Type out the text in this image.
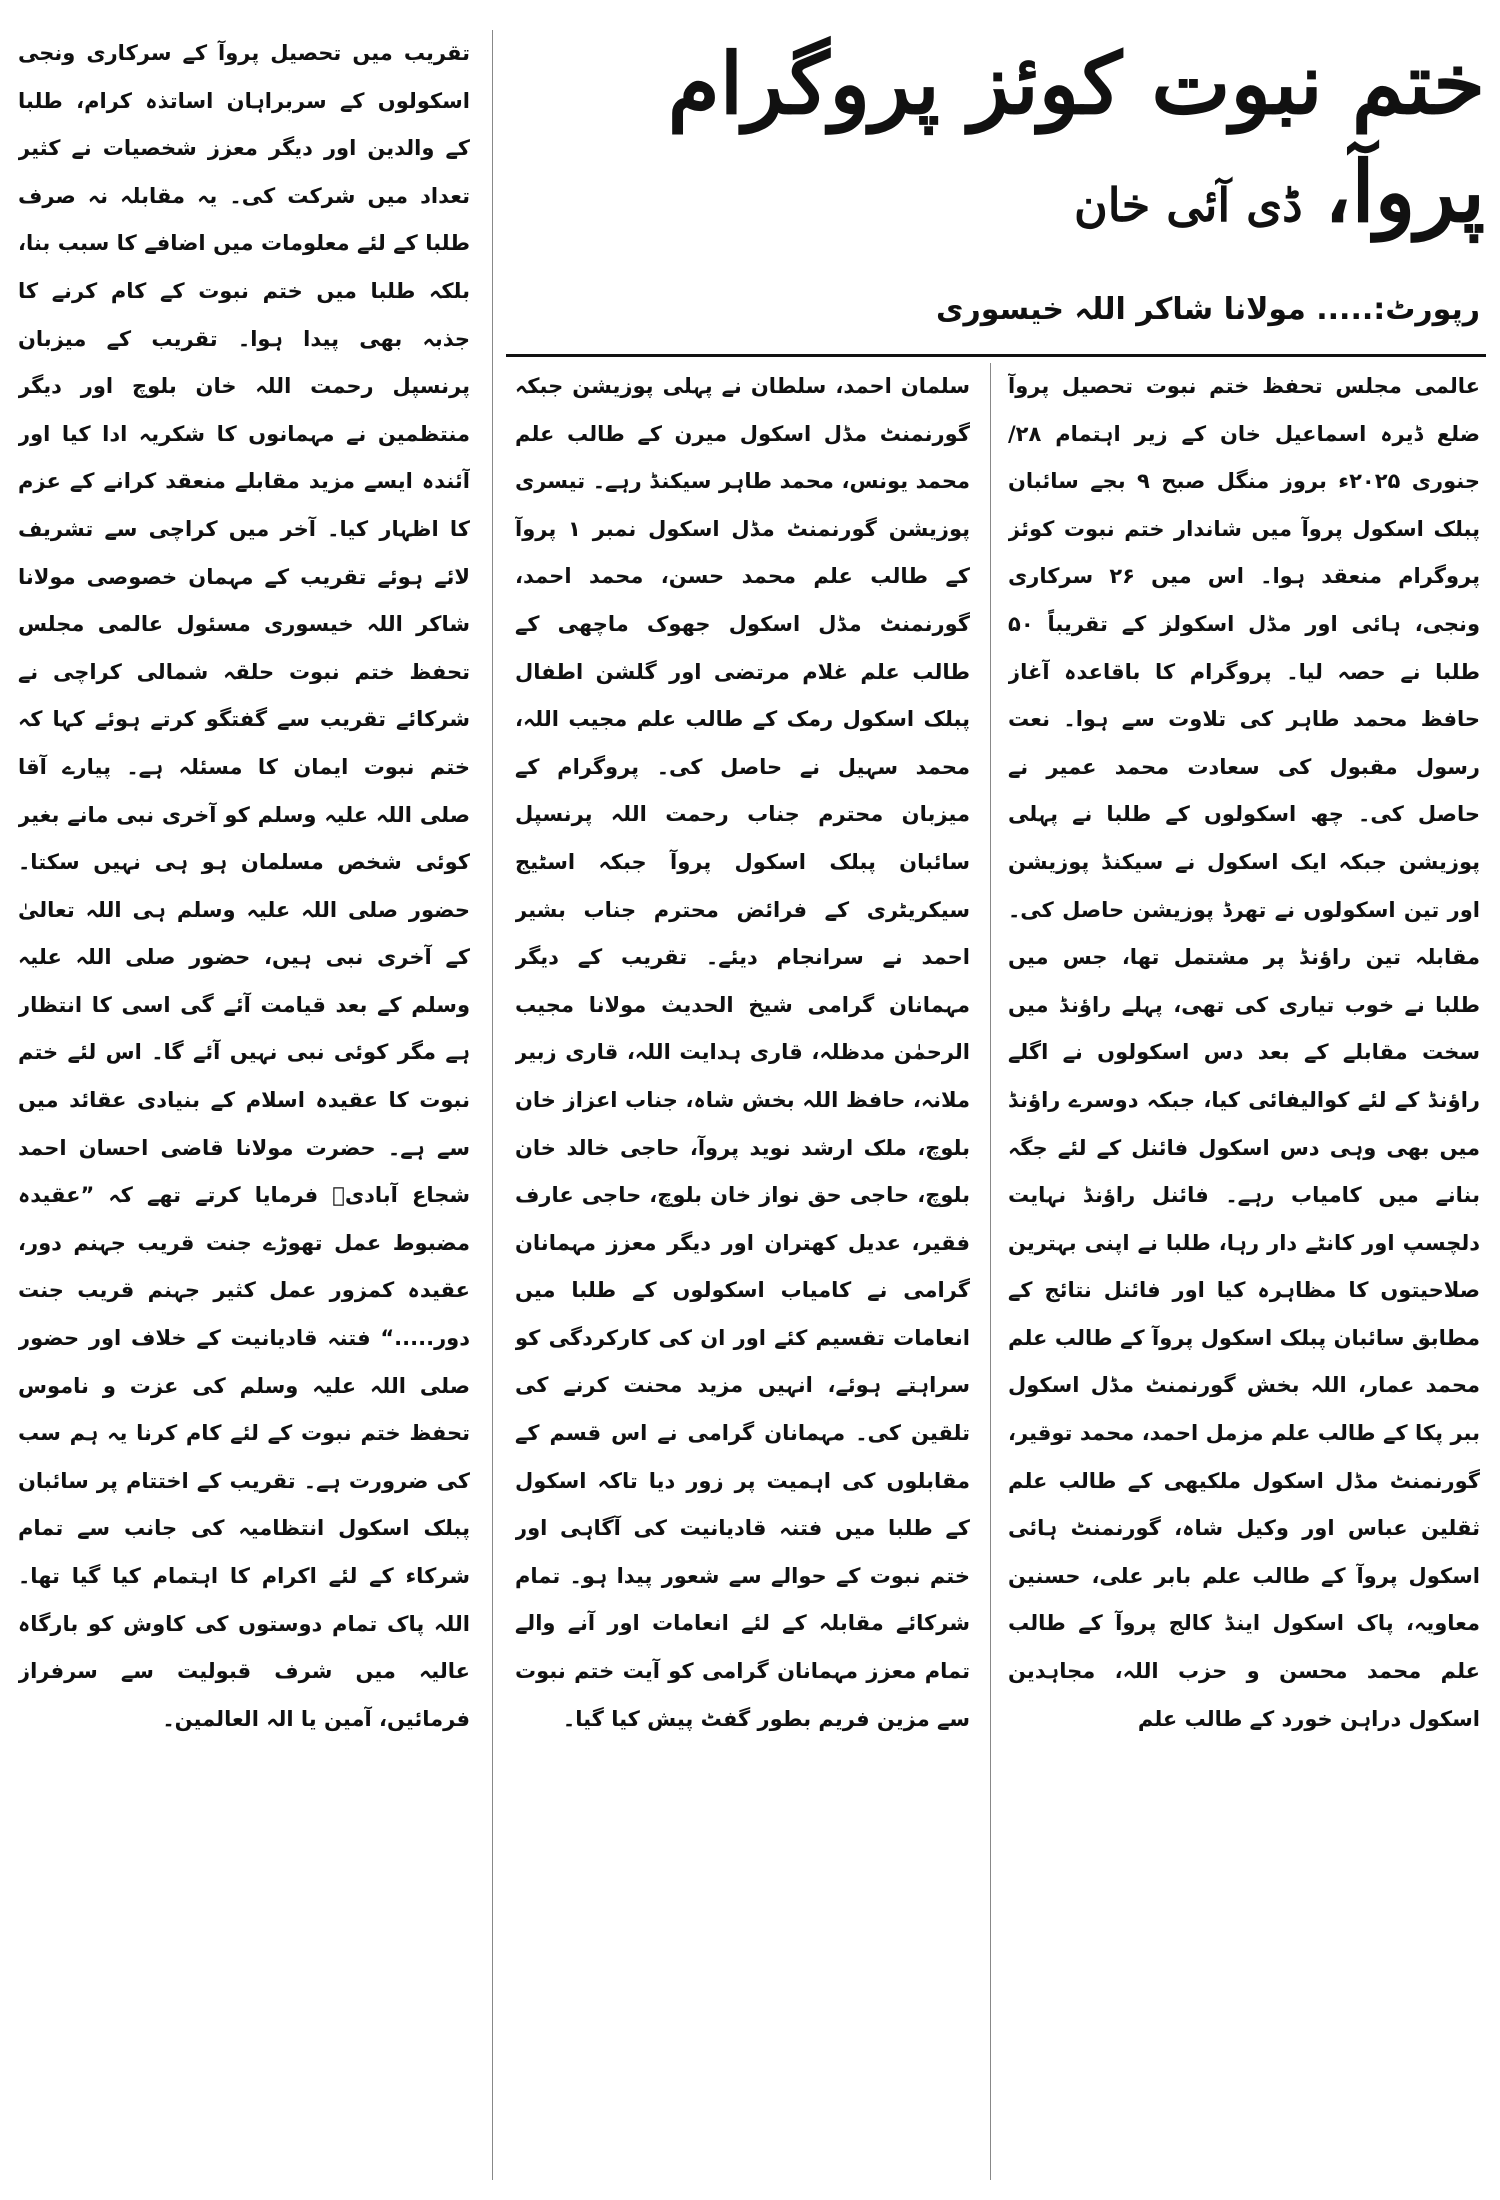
ختم نبوت کوئز پروگرام پروآ، ڈی آئی خان
رپورٹ:..... مولانا شاکر اللہ خیسوری

عالمی مجلس تحفظ ختم نبوت تحصیل پروآ ضلع ڈیرہ اسماعیل خان کے زیر اہتمام ۲۸/ جنوری ۲۰۲۵ء بروز منگل صبح ۹ بجے سائبان پبلک اسکول پروآ میں شاندار ختم نبوت کوئز پروگرام منعقد ہوا۔ اس میں ۲۶ سرکاری ونجی، ہائی اور مڈل اسکولز کے تقریباً ۵۰ طلبا نے حصہ لیا۔ پروگرام کا باقاعدہ آغاز حافظ محمد طاہر کی تلاوت سے ہوا۔ نعت رسول مقبول کی سعادت محمد عمیر نے حاصل کی۔ چھ اسکولوں کے طلبا نے پہلی پوزیشن جبکہ ایک اسکول نے سیکنڈ پوزیشن اور تین اسکولوں نے تھرڈ پوزیشن حاصل کی۔ مقابلہ تین راؤنڈ پر مشتمل تھا، جس میں طلبا نے خوب تیاری کی تھی، پہلے راؤنڈ میں سخت مقابلے کے بعد دس اسکولوں نے اگلے راؤنڈ کے لئے کوالیفائی کیا، جبکہ دوسرے راؤنڈ میں بھی وہی دس اسکول فائنل کے لئے جگہ بنانے میں کامیاب رہے۔ فائنل راؤنڈ نہایت دلچسپ اور کانٹے دار رہا، طلبا نے اپنی بہترین صلاحیتوں کا مظاہرہ کیا اور فائنل نتائج کے مطابق سائبان پبلک اسکول پروآ کے طالب علم محمد عمار، اللہ بخش گورنمنٹ مڈل اسکول ببر پکا کے طالب علم مزمل احمد، محمد توقیر، گورنمنٹ مڈل اسکول ملکیھی کے طالب علم ثقلین عباس اور وکیل شاہ، گورنمنٹ ہائی اسکول پروآ کے طالب علم بابر علی، حسنین معاویہ، پاک اسکول اینڈ کالج پروآ کے طالب علم محمد محسن و حزب اللہ، مجاہدین اسکول دراہن خورد کے طالب علم

سلمان احمد، سلطان نے پہلی پوزیشن جبکہ گورنمنٹ مڈل اسکول میرن کے طالب علم محمد یونس، محمد طاہر سیکنڈ رہے۔ تیسری پوزیشن گورنمنٹ مڈل اسکول نمبر ۱ پروآ کے طالب علم محمد حسن، محمد احمد، گورنمنٹ مڈل اسکول جھوک ماچھی کے طالب علم غلام مرتضی اور گلشن اطفال پبلک اسکول رمک کے طالب علم مجیب اللہ، محمد سہیل نے حاصل کی۔ پروگرام کے میزبان محترم جناب رحمت اللہ پرنسپل سائبان پبلک اسکول پروآ جبکہ اسٹیج سیکریٹری کے فرائض محترم جناب بشیر احمد نے سرانجام دیئے۔ تقریب کے دیگر مہمانان گرامی شیخ الحدیث مولانا مجیب الرحمٰن مدظلہ، قاری ہدایت اللہ، قاری زبیر ملانہ، حافظ اللہ بخش شاہ، جناب اعزاز خان بلوچ، ملک ارشد نوید پروآ، حاجی خالد خان بلوچ، حاجی حق نواز خان بلوچ، حاجی عارف فقیر، عدیل کھتران اور دیگر معزز مہمانان گرامی نے کامیاب اسکولوں کے طلبا میں انعامات تقسیم کئے اور ان کی کارکردگی کو سراہتے ہوئے، انہیں مزید محنت کرنے کی تلقین کی۔ مہمانان گرامی نے اس قسم کے مقابلوں کی اہمیت پر زور دیا تاکہ اسکول کے طلبا میں فتنہ قادیانیت کی آگاہی اور ختم نبوت کے حوالے سے شعور پیدا ہو۔ تمام شرکائے مقابلہ کے لئے انعامات اور آنے والے تمام معزز مہمانان گرامی کو آیت ختم نبوت سے مزین فریم بطور گفٹ پیش کیا گیا۔

تقریب میں تحصیل پروآ کے سرکاری ونجی اسکولوں کے سربراہان اساتذہ کرام، طلبا کے والدین اور دیگر معزز شخصیات نے کثیر تعداد میں شرکت کی۔ یہ مقابلہ نہ صرف طلبا کے لئے معلومات میں اضافے کا سبب بنا، بلکہ طلبا میں ختم نبوت کے کام کرنے کا جذبہ بھی پیدا ہوا۔ تقریب کے میزبان پرنسپل رحمت اللہ خان بلوچ اور دیگر منتظمین نے مہمانوں کا شکریہ ادا کیا اور آئندہ ایسے مزید مقابلے منعقد کرانے کے عزم کا اظہار کیا۔ آخر میں کراچی سے تشریف لائے ہوئے تقریب کے مہمان خصوصی مولانا شاکر اللہ خیسوری مسئول عالمی مجلس تحفظ ختم نبوت حلقہ شمالی کراچی نے شرکائے تقریب سے گفتگو کرتے ہوئے کہا کہ ختم نبوت ایمان کا مسئلہ ہے۔ پیارے آقا صلی اللہ علیہ وسلم کو آخری نبی مانے بغیر کوئی شخص مسلمان ہو ہی نہیں سکتا۔ حضور صلی اللہ علیہ وسلم ہی اللہ تعالیٰ کے آخری نبی ہیں، حضور صلی اللہ علیہ وسلم کے بعد قیامت آئے گی اسی کا انتظار ہے مگر کوئی نبی نہیں آئے گا۔ اس لئے ختم نبوت کا عقیدہ اسلام کے بنیادی عقائد میں سے ہے۔ حضرت مولانا قاضی احسان احمد شجاع آبادیؒ فرمایا کرتے تھے کہ ”عقیدہ مضبوط عمل تھوڑے جنت قریب جہنم دور، عقیدہ کمزور عمل کثیر جہنم قریب جنت دور.....“ فتنہ قادیانیت کے خلاف اور حضور صلی اللہ علیہ وسلم کی عزت و ناموس تحفظ ختم نبوت کے لئے کام کرنا یہ ہم سب کی ضرورت ہے۔ تقریب کے اختتام پر سائبان پبلک اسکول انتظامیہ کی جانب سے تمام شرکاء کے لئے اکرام کا اہتمام کیا گیا تھا۔ اللہ پاک تمام دوستوں کی کاوش کو بارگاہ عالیہ میں شرف قبولیت سے سرفراز فرمائیں، آمین یا الہ العالمین۔
